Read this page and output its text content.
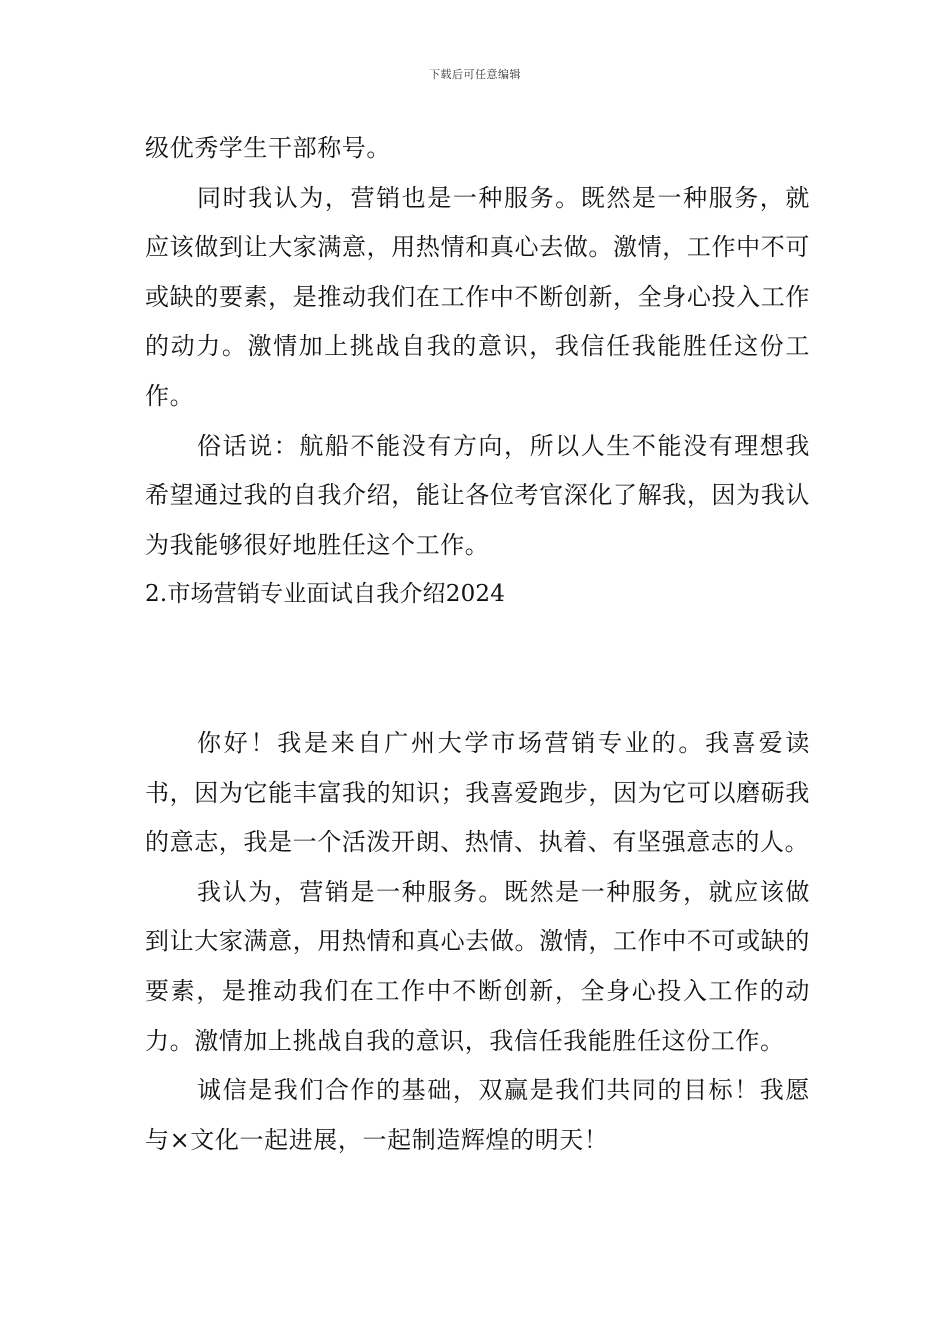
下载后可任意编辑

级优秀学生干部称号。

同时我认为，营销也是一种服务。既然是一种服务，就应该做到让大家满意，用热情和真心去做。激情，工作中不可或缺的要素，是推动我们在工作中不断创新，全身心投入工作的动力。激情加上挑战自我的意识，我信任我能胜任这份工作。

俗话说：航船不能没有方向，所以人生不能没有理想我希望通过我的自我介绍，能让各位考官深化了解我，因为我认为我能够很好地胜任这个工作。

2.市场营销专业面试自我介绍2024

你好！我是来自广州大学市场营销专业的。我喜爱读书，因为它能丰富我的知识；我喜爱跑步，因为它可以磨砺我的意志，我是一个活泼开朗、热情、执着、有坚强意志的人。

我认为，营销是一种服务。既然是一种服务，就应该做到让大家满意，用热情和真心去做。激情，工作中不可或缺的要素，是推动我们在工作中不断创新，全身心投入工作的动力。激情加上挑战自我的意识，我信任我能胜任这份工作。

诚信是我们合作的基础，双赢是我们共同的目标！我愿与×文化一起进展，一起制造辉煌的明天！
